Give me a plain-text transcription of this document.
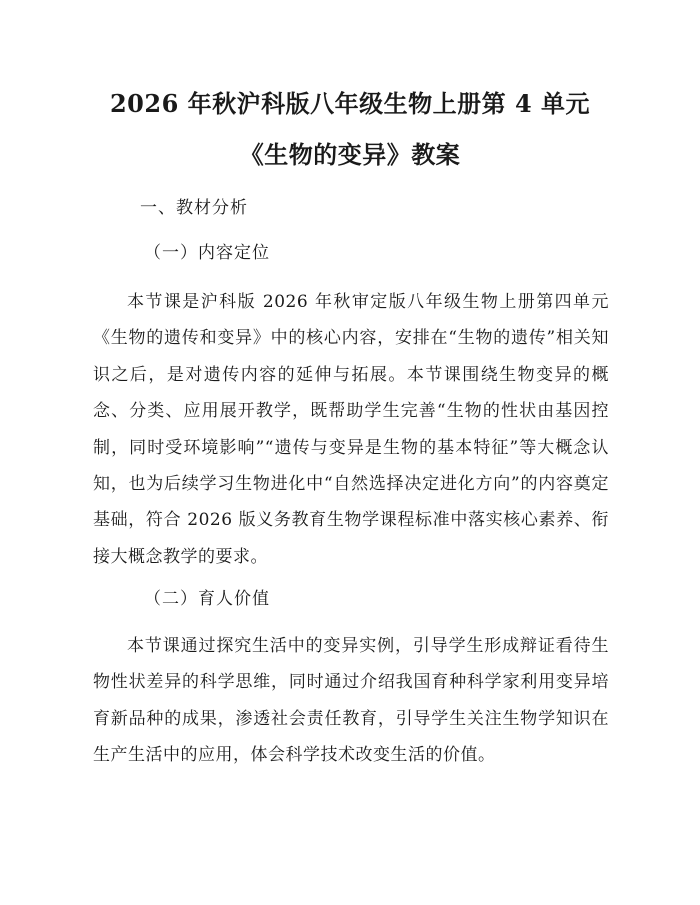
2026 年秋沪科版八年级生物上册第 4 单元
《生物的变异》教案
一、教材分析
（一）内容定位
本节课是沪科版 2026 年秋审定版八年级生物上册第四单元《生物的遗传和变异》中的核心内容，安排在“生物的遗传”相关知识之后，是对遗传内容的延伸与拓展。本节课围绕生物变异的概念、分类、应用展开教学，既帮助学生完善“生物的性状由基因控制，同时受环境影响”“遗传与变异是生物的基本特征”等大概念认知，也为后续学习生物进化中“自然选择决定进化方向”的内容奠定基础，符合 2026 版义务教育生物学课程标准中落实核心素养、衔接大概念教学的要求。
（二）育人价值
本节课通过探究生活中的变异实例，引导学生形成辩证看待生物性状差异的科学思维，同时通过介绍我国育种科学家利用变异培育新品种的成果，渗透社会责任教育，引导学生关注生物学知识在生产生活中的应用，体会科学技术改变生活的价值。
